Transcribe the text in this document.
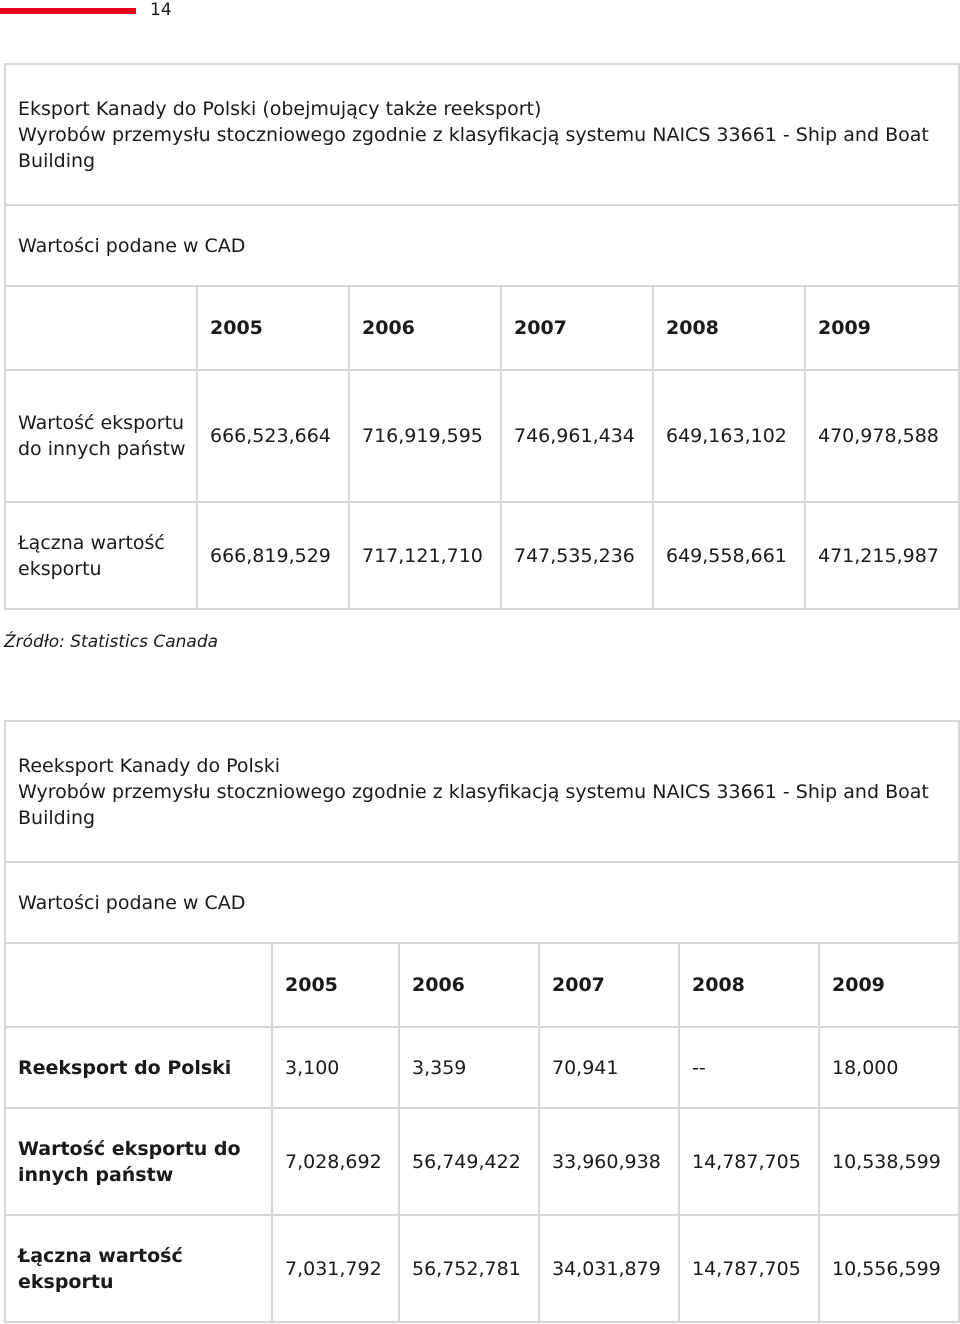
14
Eksport Kanady do Polski (obejmujący także reeksport)
Wyrobów przemysłu stoczniowego zgodnie z klasyfikacją systemu NAICS 33661 - Ship and Boat Building					

Wartości podane w CAD					
	2005	2006	2007	2008	2009
Wartość eksportu do innych państw	666,523,664	716,919,595	746,961,434	649,163,102	470,978,588
Łączna wartość eksportu	666,819,529	717,121,710	747,535,236	649,558,661	471,215,987
Źródło: Statistics Canada
Reeksport Kanady do Polski
Wyrobów przemysłu stoczniowego zgodnie z klasyfikacją systemu NAICS 33661 - Ship and Boat Building					

Wartości podane w CAD					
	2005	2006	2007	2008	2009
Reeksport do Polski	3,100	3,359	70,941	--	18,000
Wartość eksportu do innych państw	7,028,692	56,749,422	33,960,938	14,787,705	10,538,599
Łączna wartość eksportu	7,031,792	56,752,781	34,031,879	14,787,705	10,556,599
